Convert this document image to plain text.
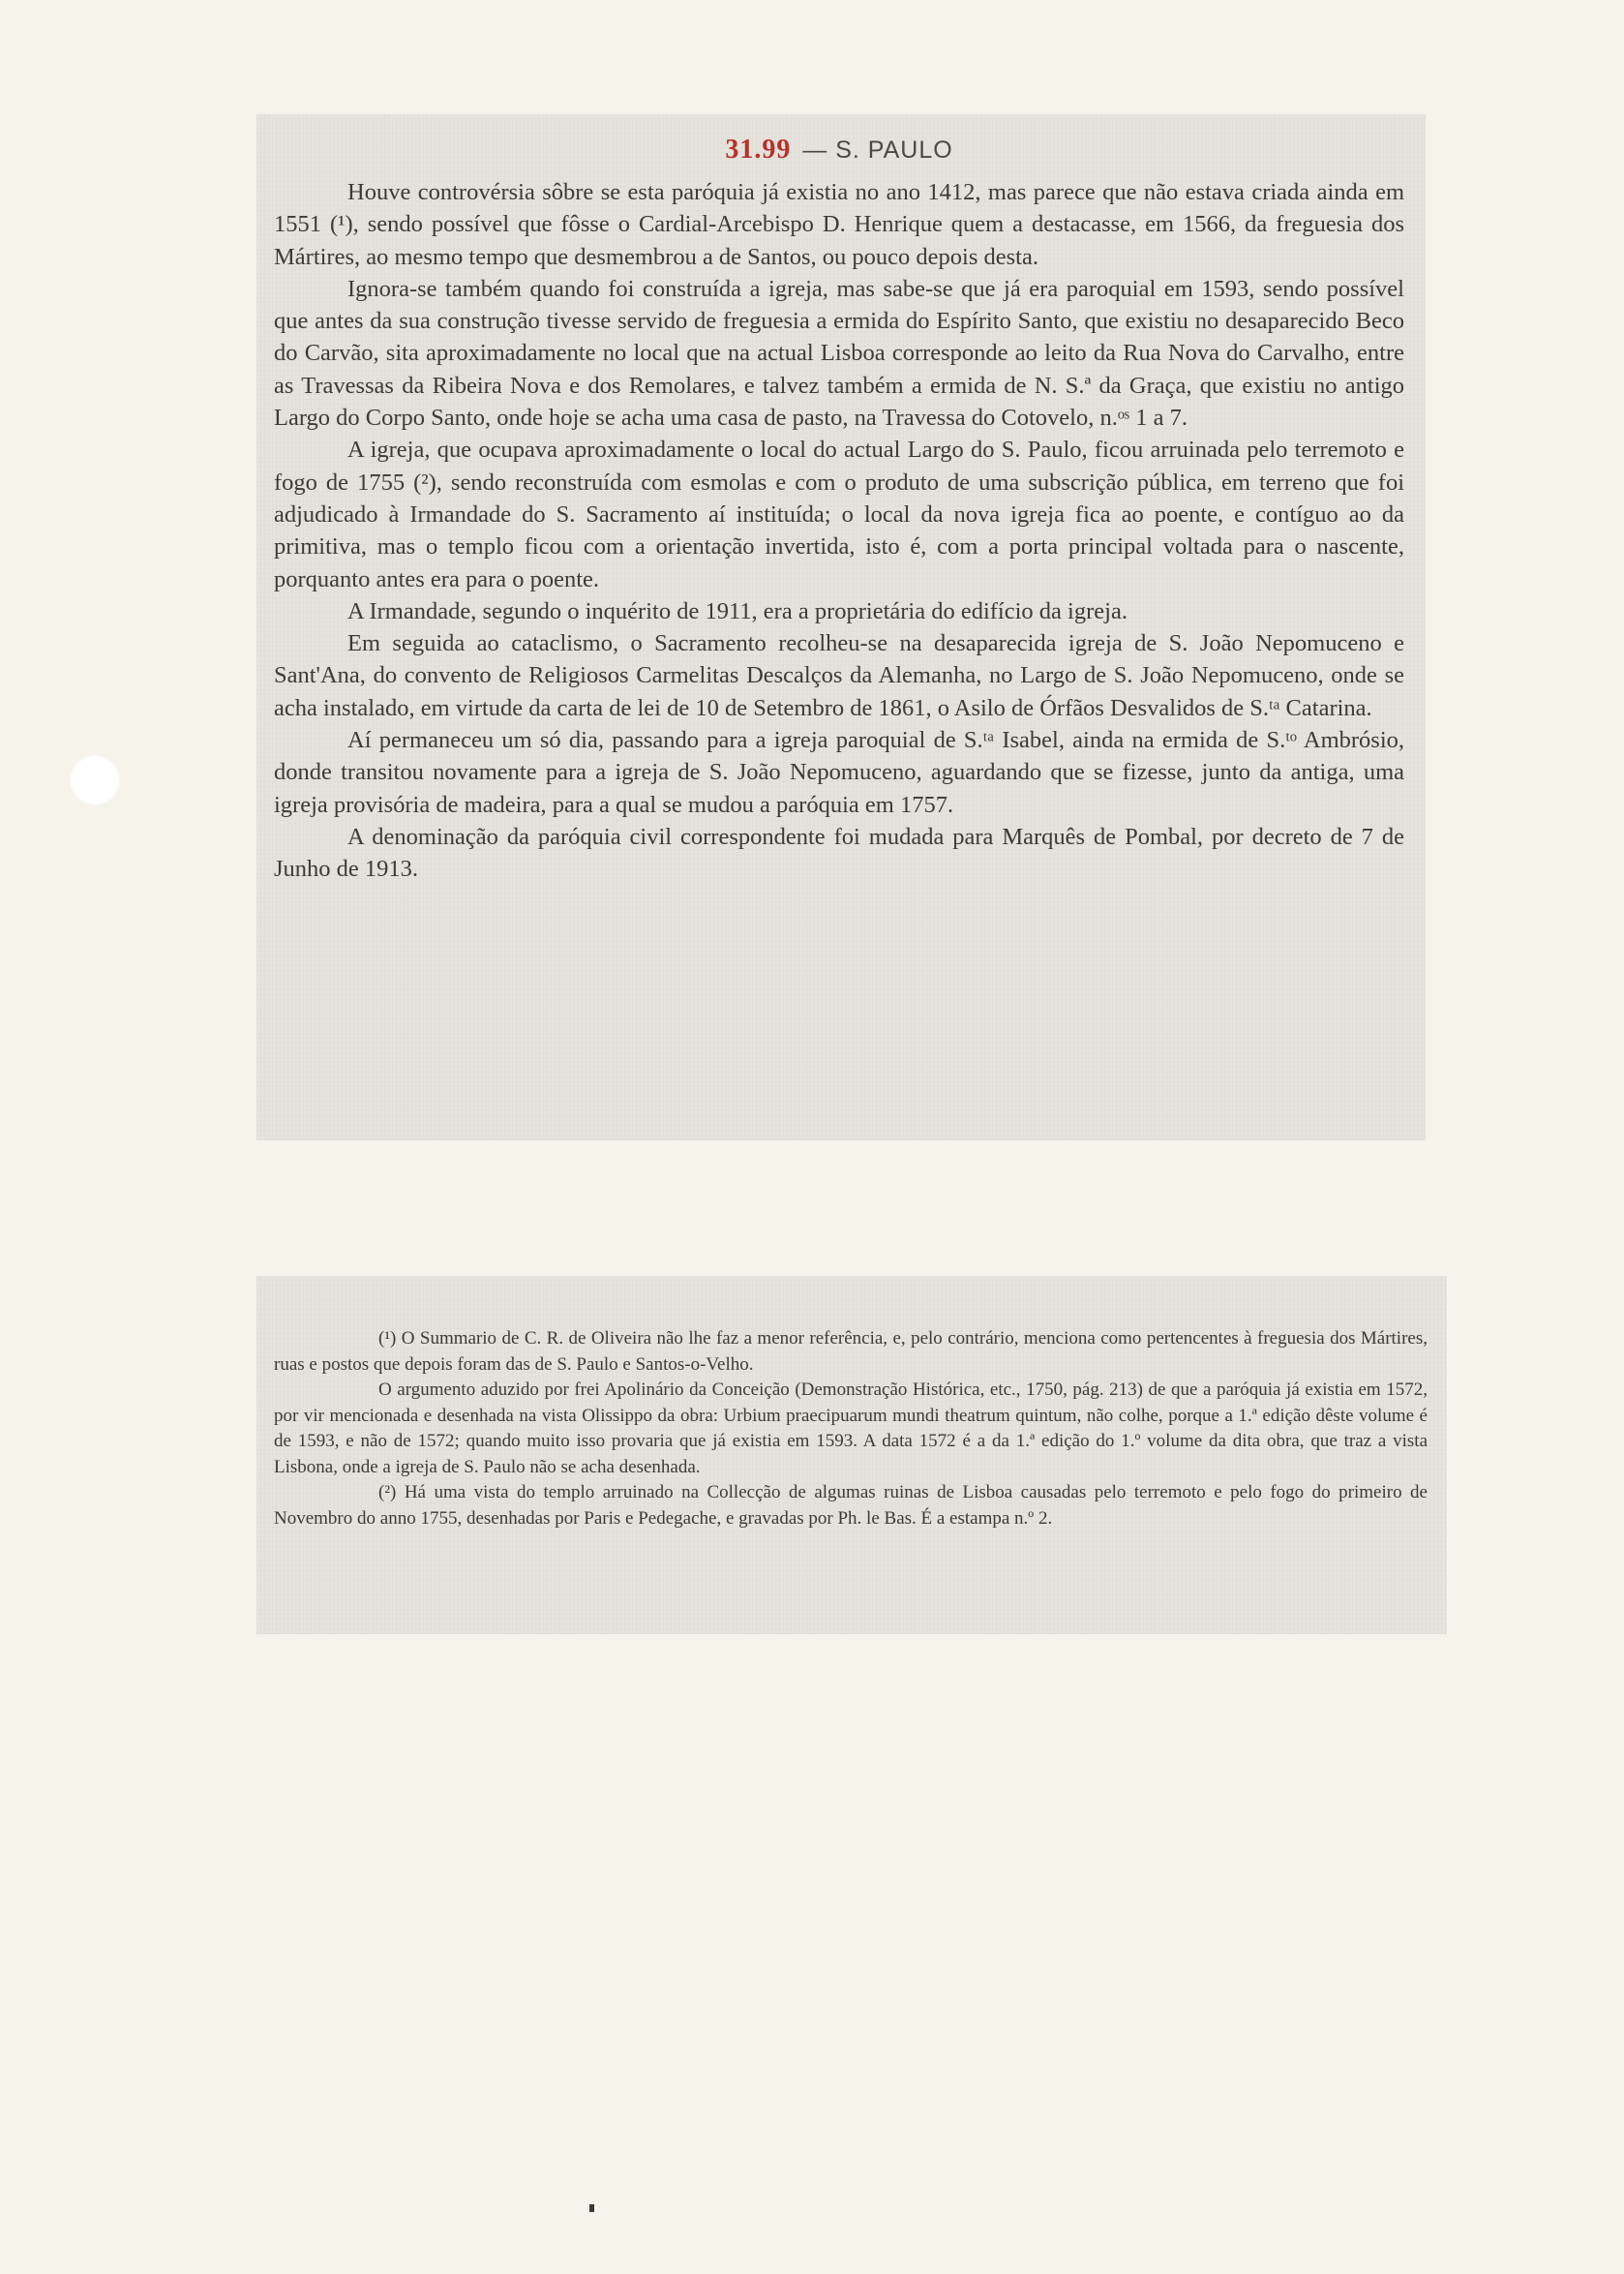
31.99 — S. PAULO

Houve controvérsia sôbre se esta paróquia já existia no ano 1412, mas parece que não estava criada ainda em 1551 (¹), sendo possível que fôsse o Cardial-Arcebispo D. Henrique quem a destacasse, em 1566, da freguesia dos Mártires, ao mesmo tempo que desmembrou a de Santos, ou pouco depois desta.

Ignora-se também quando foi construída a igreja, mas sabe-se que já era paroquial em 1593, sendo possível que antes da sua construção tivesse servido de freguesia a ermida do Espírito Santo, que existiu no desaparecido Beco do Carvão, sita aproximadamente no local que na actual Lisboa corresponde ao leito da Rua Nova do Carvalho, entre as Travessas da Ribeira Nova e dos Remolares, e talvez também a ermida de N. S.ª da Graça, que existiu no antigo Largo do Corpo Santo, onde hoje se acha uma casa de pasto, na Travessa do Cotovelo, n.ᵒˢ 1 a 7.

A igreja, que ocupava aproximadamente o local do actual Largo do S. Paulo, ficou arruinada pelo terremoto e fogo de 1755 (²), sendo reconstruída com esmolas e com o produto de uma subscrição pública, em terreno que foi adjudicado à Irmandade do S. Sacramento aí instituída; o local da nova igreja fica ao poente, e contíguo ao da primitiva, mas o templo ficou com a orientação invertida, isto é, com a porta principal voltada para o nascente, porquanto antes era para o poente.

A Irmandade, segundo o inquérito de 1911, era a proprietária do edifício da igreja.

Em seguida ao cataclismo, o Sacramento recolheu-se na desaparecida igreja de S. João Nepomuceno e Sant'Ana, do convento de Religiosos Carmelitas Descalços da Alemanha, no Largo de S. João Nepomuceno, onde se acha instalado, em virtude da carta de lei de 10 de Setembro de 1861, o Asilo de Órfãos Desvalidos de S.ᵗᵃ Catarina.

Aí permaneceu um só dia, passando para a igreja paroquial de S.ᵗᵃ Isabel, ainda na ermida de S.ᵗᵒ Ambrósio, donde transitou novamente para a igreja de S. João Nepomuceno, aguardando que se fizesse, junto da antiga, uma igreja provisória de madeira, para a qual se mudou a paróquia em 1757.

A denominação da paróquia civil correspondente foi mudada para Marquês de Pombal, por decreto de 7 de Junho de 1913.

(¹) O Summario de C. R. de Oliveira não lhe faz a menor referência, e, pelo contrário, menciona como pertencentes à freguesia dos Mártires, ruas e postos que depois foram das de S. Paulo e Santos-o-Velho.

O argumento aduzido por frei Apolinário da Conceição (Demonstração Histórica, etc., 1750, pág. 213) de que a paróquia já existia em 1572, por vir mencionada e desenhada na vista Olissippo da obra: Urbium praecipuarum mundi theatrum quintum, não colhe, porque a 1.ª edição dêste volume é de 1593, e não de 1572; quando muito isso provaria que já existia em 1593. A data 1572 é a da 1.ª edição do 1.º volume da dita obra, que traz a vista Lisbona, onde a igreja de S. Paulo não se acha desenhada.

(²) Há uma vista do templo arruinado na Collecção de algumas ruinas de Lisboa causadas pelo terremoto e pelo fogo do primeiro de Novembro do anno 1755, desenhadas por Paris e Pedegache, e gravadas por Ph. le Bas. É a estampa n.º 2.
